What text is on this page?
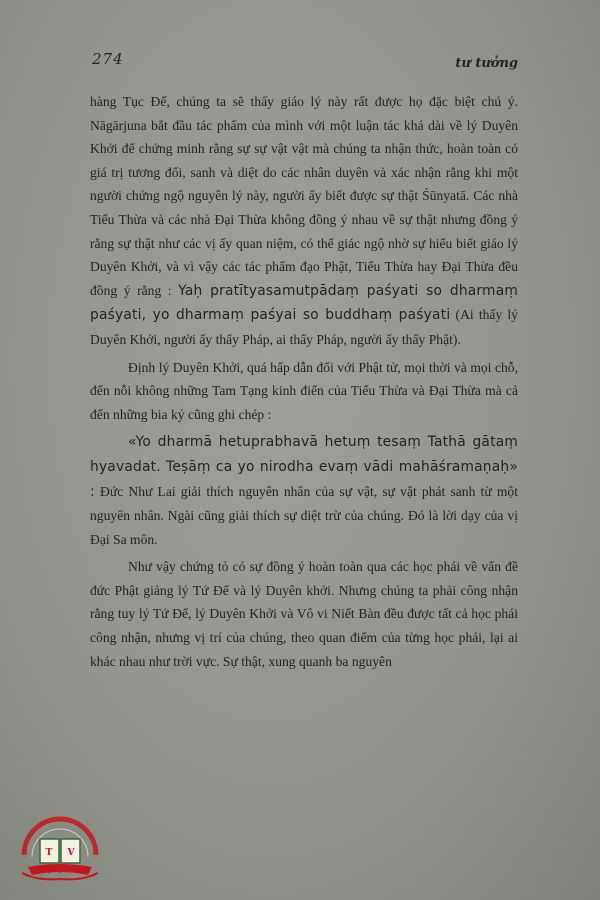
274	tư tưởng

hàng Tục Đế, chúng ta sẽ thấy giáo lý này rất được họ đặc biệt chú ý. Nāgārjuna bắt đầu tác phẩm của mình với một luận tác khá dài về lý Duyên Khởi để chứng minh rằng sự sự vật vật mà chúng ta nhận thức, hoàn toàn có giá trị tương đối, sanh và diệt do các nhân duyên và xác nhận rằng khi một người chứng ngộ nguyên lý này, người ấy biết được sự thật Śūnyatā. Các nhà Tiểu Thừa và các nhà Đại Thừa không đồng ý nhau về sự thật nhưng đồng ý rằng sự thật như các vị ấy quan niệm, có thể giác ngộ nhờ sự hiểu biết giáo lý Duyên Khởi, và vì vậy các tác phẩm đạo Phật, Tiểu Thừa hay Đại Thừa đều đồng ý rằng : Yaḥ pratītyasamutpādaṃ paśyati so dharmaṃ paśyati, yo dharmaṃ paśyai so buddhaṃ paśyati (Ai thấy lý Duyên Khởi, người ấy thấy Pháp, ai thấy Pháp, người ấy thấy Phật).

Định lý Duyên Khởi, quá hấp dẫn đối với Phật tử, mọi thời và mọi chỗ, đến nỗi không những Tam Tạng kinh điển của Tiểu Thừa và Đại Thừa mà cả đến những bia ký cũng ghi chép :

«Yo dharmā hetuprabhavā hetuṃ tesaṃ Tathā gātaṃ hyavadat. Teṣāṃ ca yo nirodha evaṃ vādi mahāśramaṇaḥ» : Đức Như Lai giải thích nguyên nhân của sự vật, sự vật phát sanh từ một nguyên nhân. Ngài cũng giải thích sự diệt trừ của chúng. Đó là lời dạy của vị Đại Sa môn.

Như vậy chứng tỏ có sự đồng ý hoàn toàn qua các học phái về vấn đề đức Phật giảng lý Tứ Đế và lý Duyên khởi. Nhưng chúng ta phải công nhận rằng tuy lý Tứ Đế, lý Duyên Khởi và Vô vi Niết Bàn đều được tất cả học phái công nhận, nhưng vị trí của chúng, theo quan điểm của từng học phái, lại ai khác nhau như trời vực. Sự thật, xung quanh ba nguyên

T V
HUỆ QUANG
